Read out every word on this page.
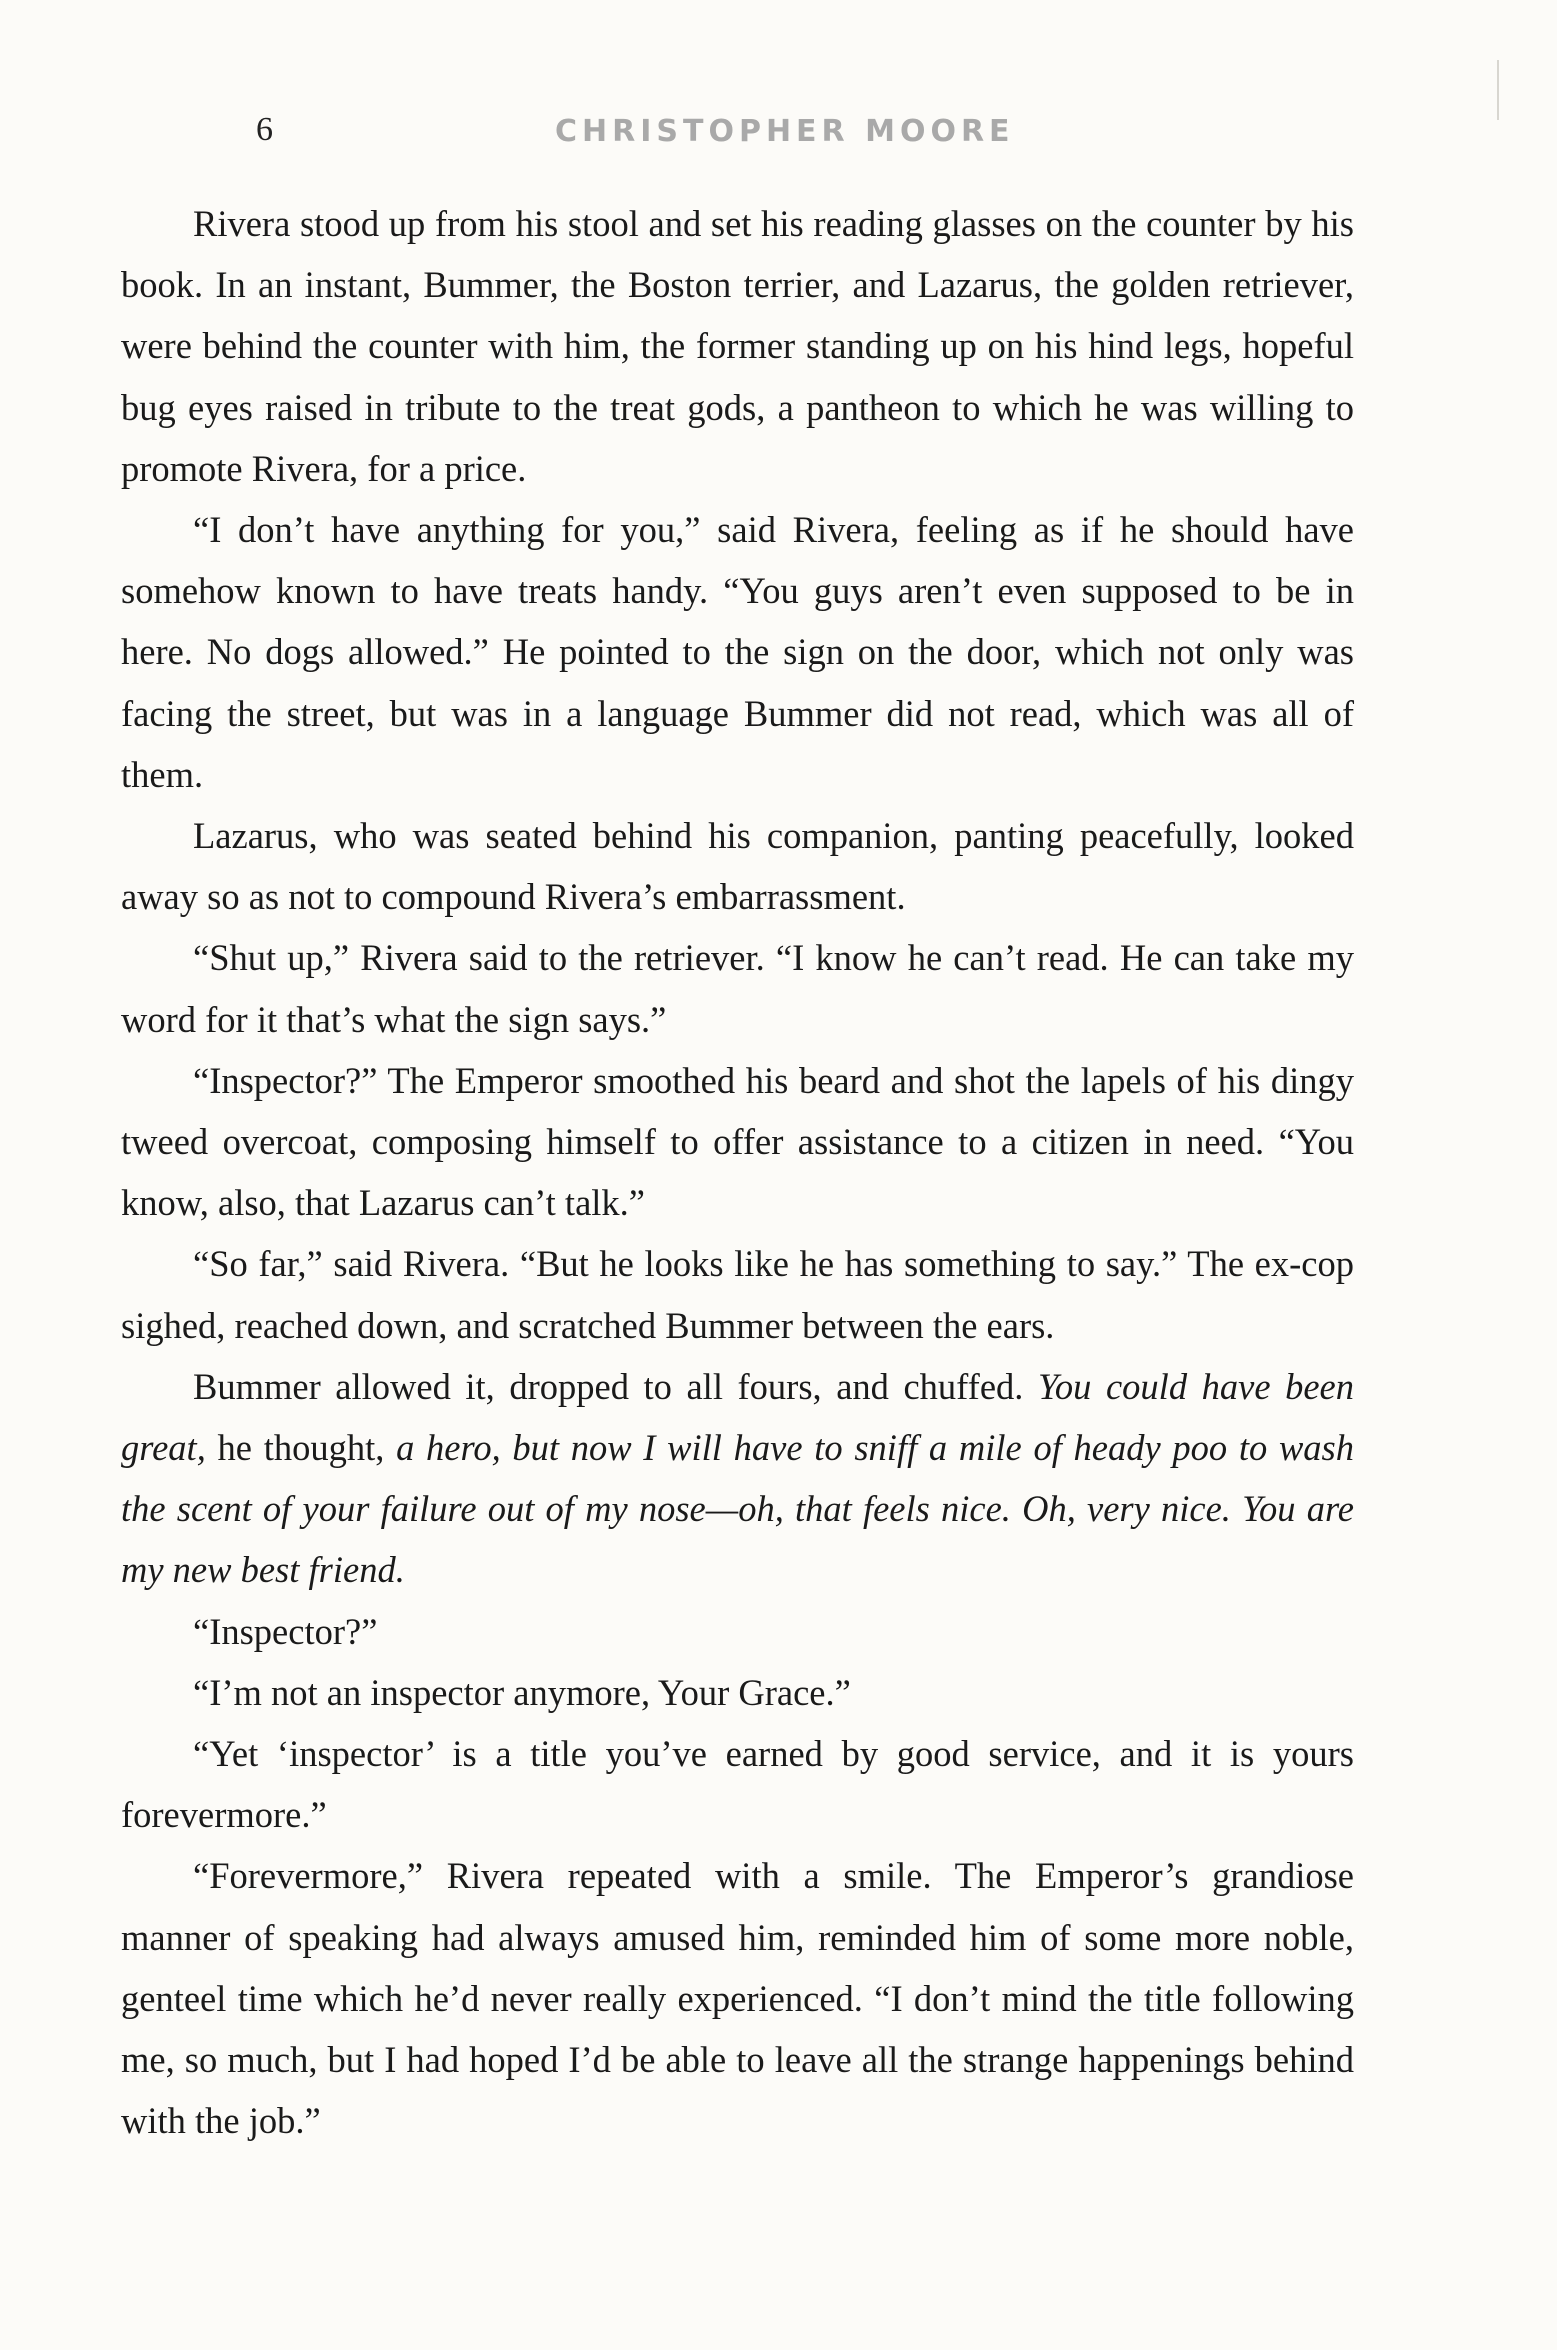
6	CHRISTOPHER MOORE

Rivera stood up from his stool and set his reading glasses on the counter by his book. In an instant, Bummer, the Boston terrier, and Lazarus, the golden retriever, were behind the counter with him, the former standing up on his hind legs, hopeful bug eyes raised in tribute to the treat gods, a pantheon to which he was willing to promote Rivera, for a price.

“I don’t have anything for you,” said Rivera, feeling as if he should have somehow known to have treats handy. “You guys aren’t even supposed to be in here. No dogs allowed.” He pointed to the sign on the door, which not only was facing the street, but was in a language Bummer did not read, which was all of them.

Lazarus, who was seated behind his companion, panting peacefully, looked away so as not to compound Rivera’s embarrassment.

“Shut up,” Rivera said to the retriever. “I know he can’t read. He can take my word for it that’s what the sign says.”

“Inspector?” The Emperor smoothed his beard and shot the lapels of his dingy tweed overcoat, composing himself to offer assistance to a citizen in need. “You know, also, that Lazarus can’t talk.”

“So far,” said Rivera. “But he looks like he has something to say.” The ex-cop sighed, reached down, and scratched Bummer between the ears.

Bummer allowed it, dropped to all fours, and chuffed. You could have been great, he thought, a hero, but now I will have to sniff a mile of heady poo to wash the scent of your failure out of my nose—oh, that feels nice. Oh, very nice. You are my new best friend.

“Inspector?”

“I’m not an inspector anymore, Your Grace.”

“Yet ‘inspector’ is a title you’ve earned by good service, and it is yours forevermore.”

“Forevermore,” Rivera repeated with a smile. The Emperor’s grandiose manner of speaking had always amused him, reminded him of some more noble, genteel time which he’d never really experienced. “I don’t mind the title following me, so much, but I had hoped I’d be able to leave all the strange happenings behind with the job.”
